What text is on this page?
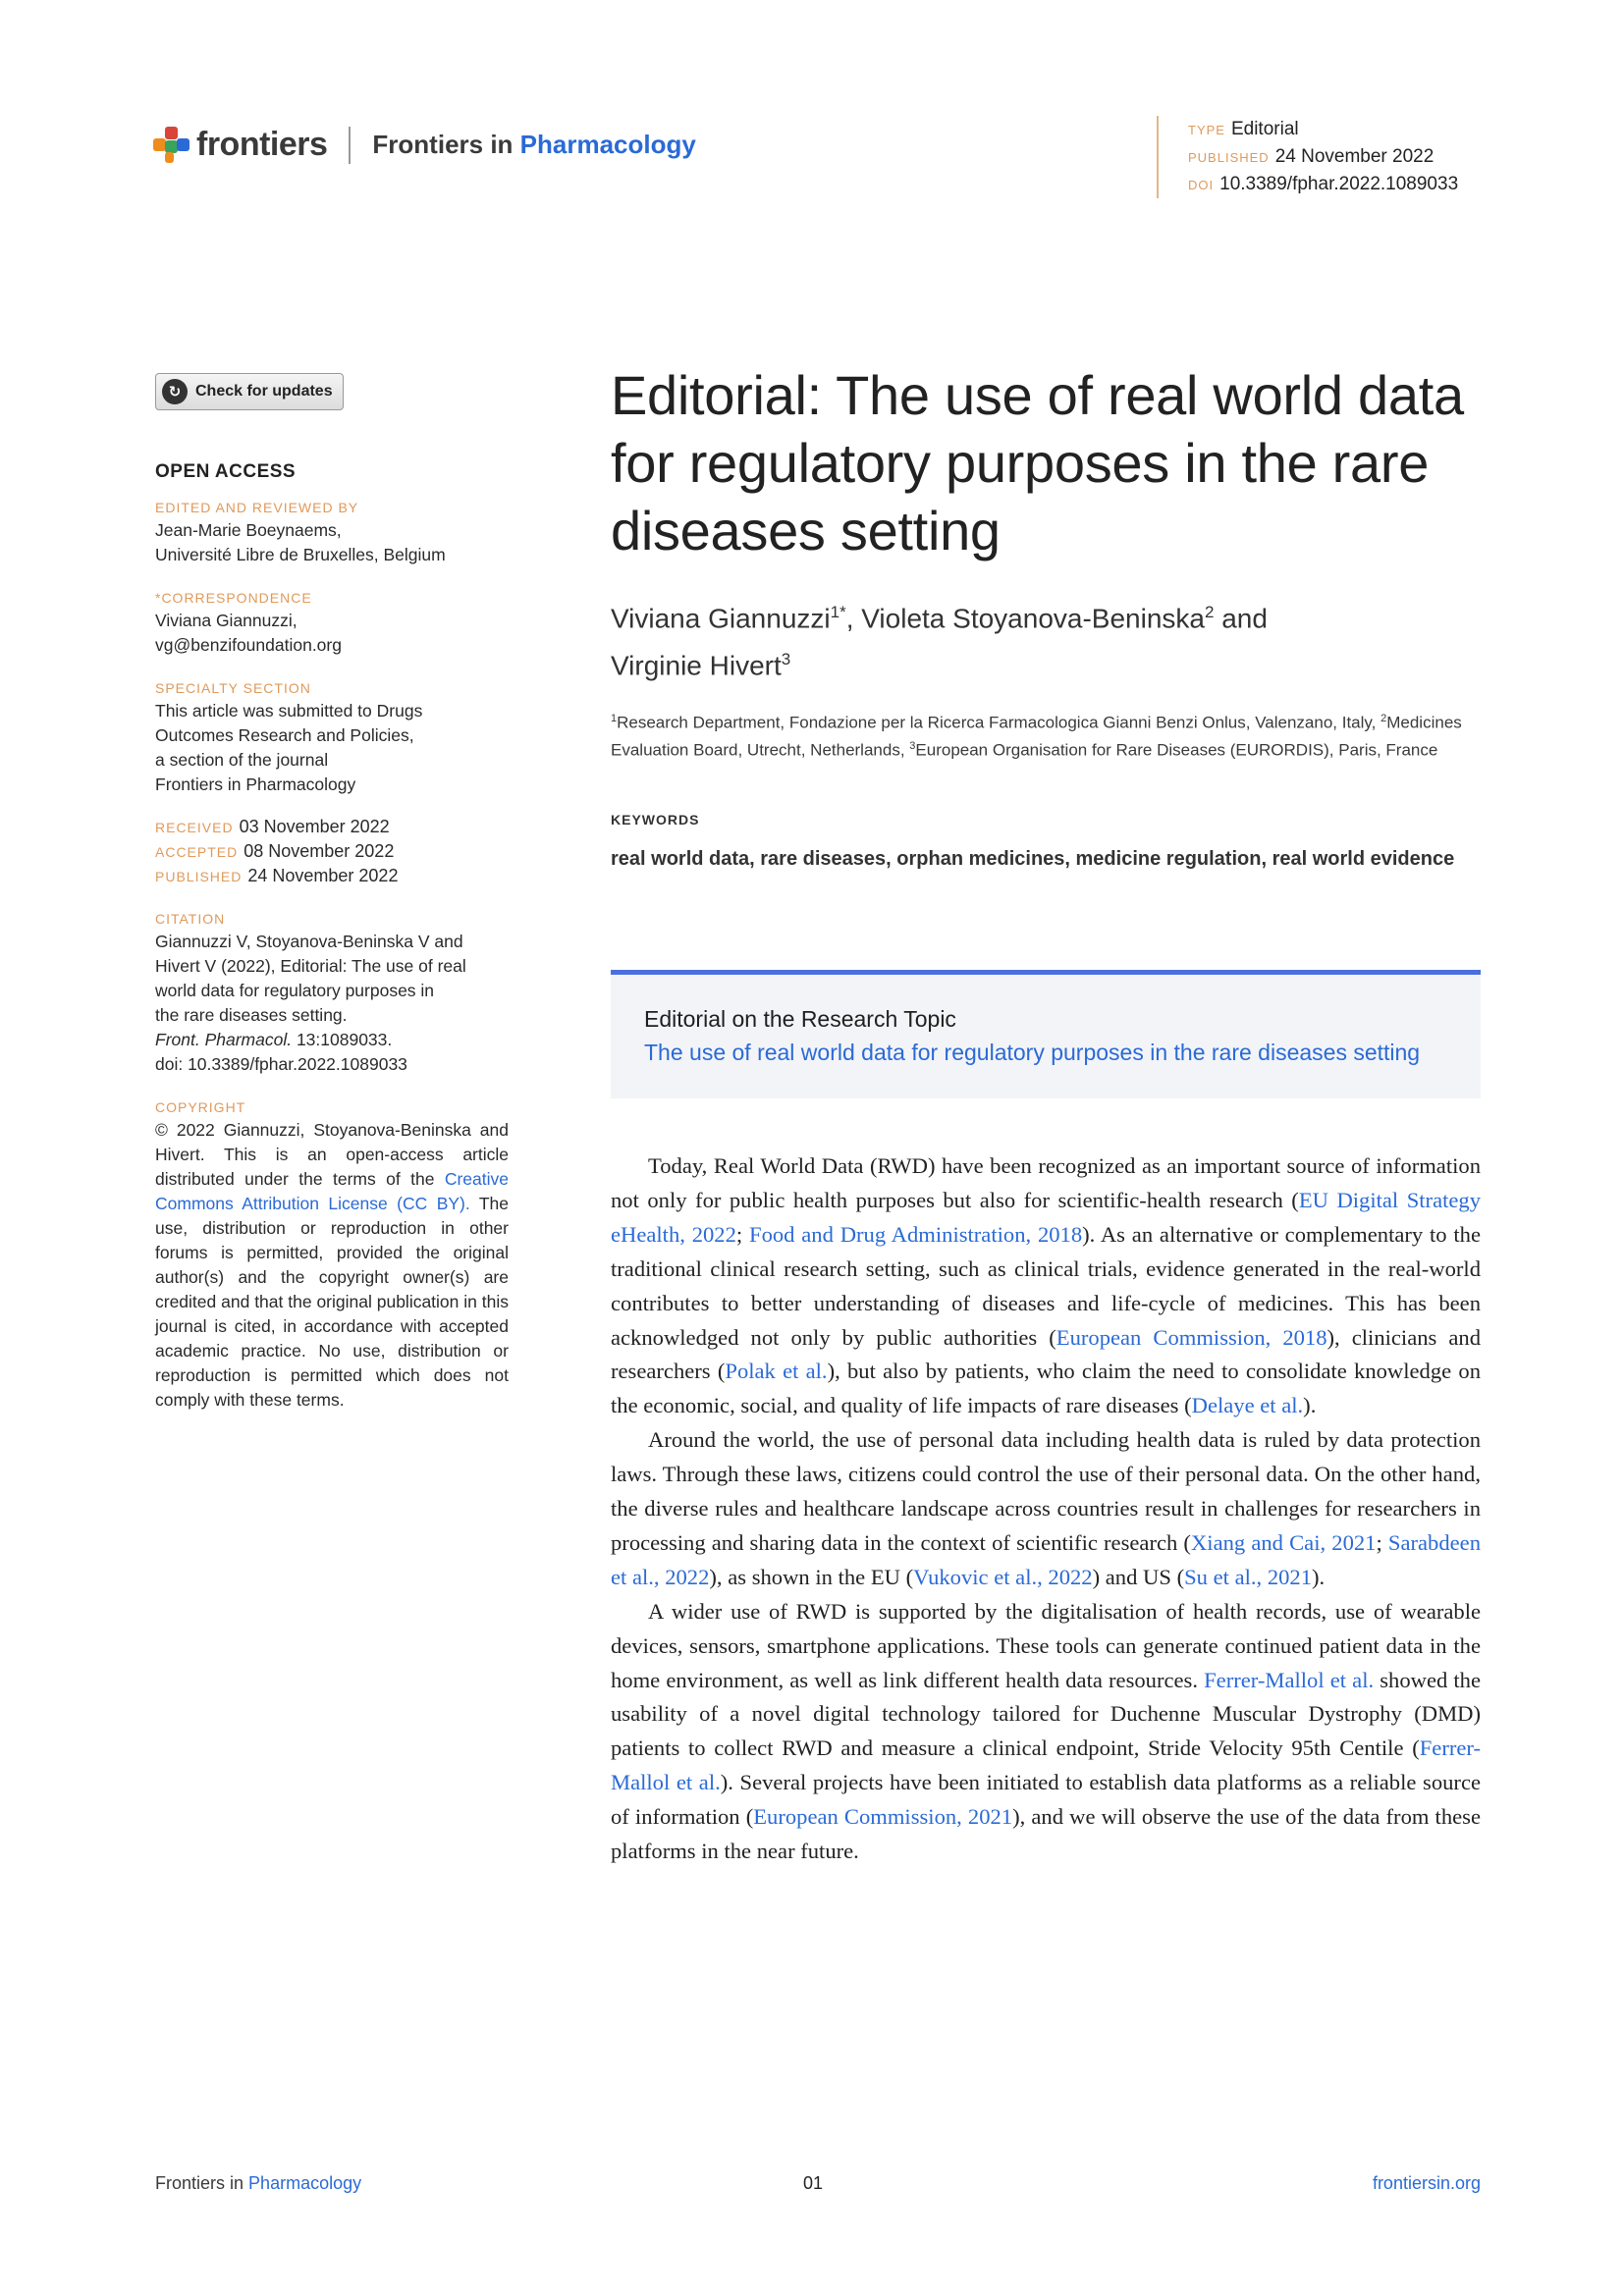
frontiers Frontiers in Pharmacology	TYPE Editorial
PUBLISHED 24 November 2022
DOI 10.3389/fphar.2022.1089033
↻ Check for updates
OPEN ACCESS
EDITED AND REVIEWED BY
Jean-Marie Boeynaems,
Université Libre de Bruxelles, Belgium
*CORRESPONDENCE
Viviana Giannuzzi,
vg@benzifoundation.org
SPECIALTY SECTION
This article was submitted to Drugs
Outcomes Research and Policies,
a section of the journal
Frontiers in Pharmacology
RECEIVED 03 November 2022
ACCEPTED 08 November 2022
PUBLISHED 24 November 2022
CITATION
Giannuzzi V, Stoyanova-Beninska V and
Hivert V (2022), Editorial: The use of real
world data for regulatory purposes in
the rare diseases setting.
Front. Pharmacol. 13:1089033.
doi: 10.3389/fphar.2022.1089033
COPYRIGHT
© 2022 Giannuzzi, Stoyanova-Beninska and Hivert. This is an open-access article distributed under the terms of the Creative Commons Attribution License (CC BY). The use, distribution or reproduction in other forums is permitted, provided the original author(s) and the copyright owner(s) are credited and that the original publication in this journal is cited, in accordance with accepted academic practice. No use, distribution or reproduction is permitted which does not comply with these terms.
Editorial: The use of real world data for regulatory purposes in the rare diseases setting
Viviana Giannuzzi$^{1*}$, Violeta Stoyanova-Beninska$^2$ and
Virginie Hivert$^3$
$^1$Research Department, Fondazione per la Ricerca Farmacologica Gianni Benzi Onlus, Valenzano, Italy, $^2$Medicines Evaluation Board, Utrecht, Netherlands, $^3$European Organisation for Rare Diseases (EURORDIS), Paris, France
KEYWORDS
real world data, rare diseases, orphan medicines, medicine regulation, real world evidence
Editorial on the Research Topic
The use of real world data for regulatory purposes in the rare diseases setting

Today, Real World Data (RWD) have been recognized as an important source of information not only for public health purposes but also for scientific-health research (EU Digital Strategy eHealth, 2022; Food and Drug Administration, 2018). As an alternative or complementary to the traditional clinical research setting, such as clinical trials, evidence generated in the real-world contributes to better understanding of diseases and life-cycle of medicines. This has been acknowledged not only by public authorities (European Commission, 2018), clinicians and researchers (Polak et al.), but also by patients, who claim the need to consolidate knowledge on the economic, social, and quality of life impacts of rare diseases (Delaye et al.).

Around the world, the use of personal data including health data is ruled by data protection laws. Through these laws, citizens could control the use of their personal data. On the other hand, the diverse rules and healthcare landscape across countries result in challenges for researchers in processing and sharing data in the context of scientific research (Xiang and Cai, 2021; Sarabdeen et al., 2022), as shown in the EU (Vukovic et al., 2022) and US (Su et al., 2021).

A wider use of RWD is supported by the digitalisation of health records, use of wearable devices, sensors, smartphone applications. These tools can generate continued patient data in the home environment, as well as link different health data resources. Ferrer-Mallol et al. showed the usability of a novel digital technology tailored for Duchenne Muscular Dystrophy (DMD) patients to collect RWD and measure a clinical endpoint, Stride Velocity 95th Centile (Ferrer-Mallol et al.). Several projects have been initiated to establish data platforms as a reliable source of information (European Commission, 2021), and we will observe the use of the data from these platforms in the near future.

Frontiers in Pharmacology	01	frontiersin.org
